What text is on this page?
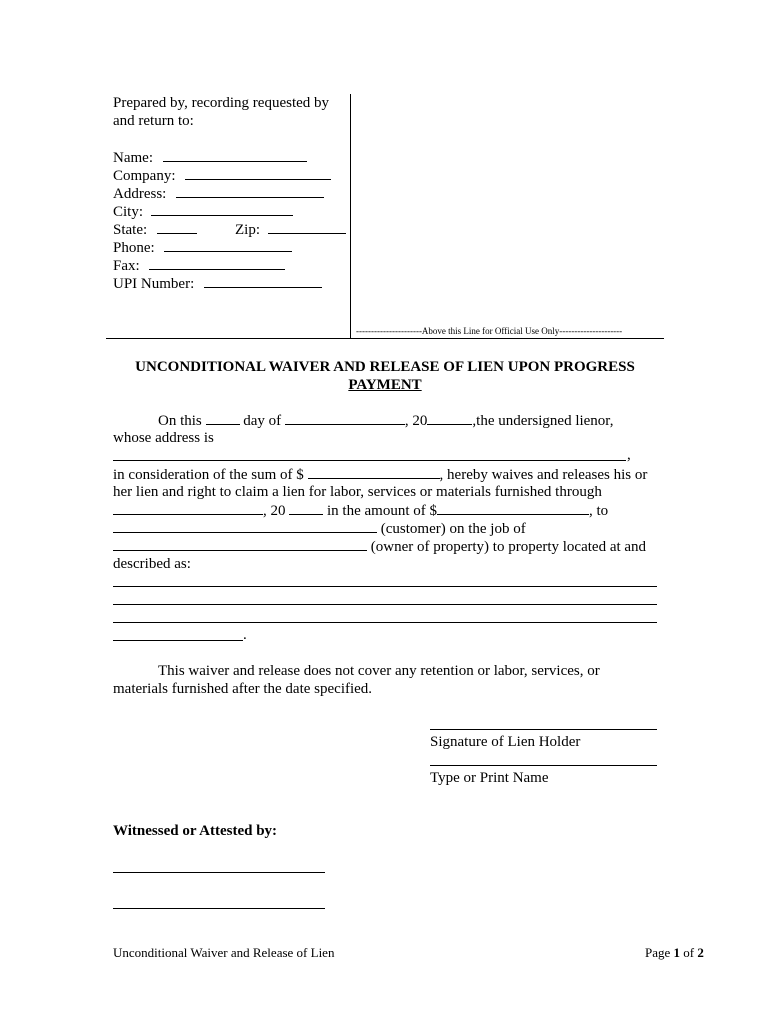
Prepared by, recording requested by
and return to:
Name:
Company:
Address:
City:
State:	Zip:
Phone:
Fax:
UPI Number:
----------------------Above this Line for Official Use Only---------------------
UNCONDITIONAL WAIVER AND RELEASE OF LIEN UPON PROGRESS
PAYMENT
On this	day of	, 20	,the undersigned lienor,
whose address is
,
in consideration of the sum of $	, hereby waives and releases his or
her lien and right to claim a lien for labor, services or materials furnished through
, 20	in the amount of $	, to
(customer) on the job of
(owner of property) to property located at and
described as:
.
This waiver and release does not cover any retention or labor, services, or
materials furnished after the date specified.
Signature of Lien Holder
Type or Print Name
Witnessed or Attested by:
Unconditional Waiver and Release of Lien	Page 1 of 2
